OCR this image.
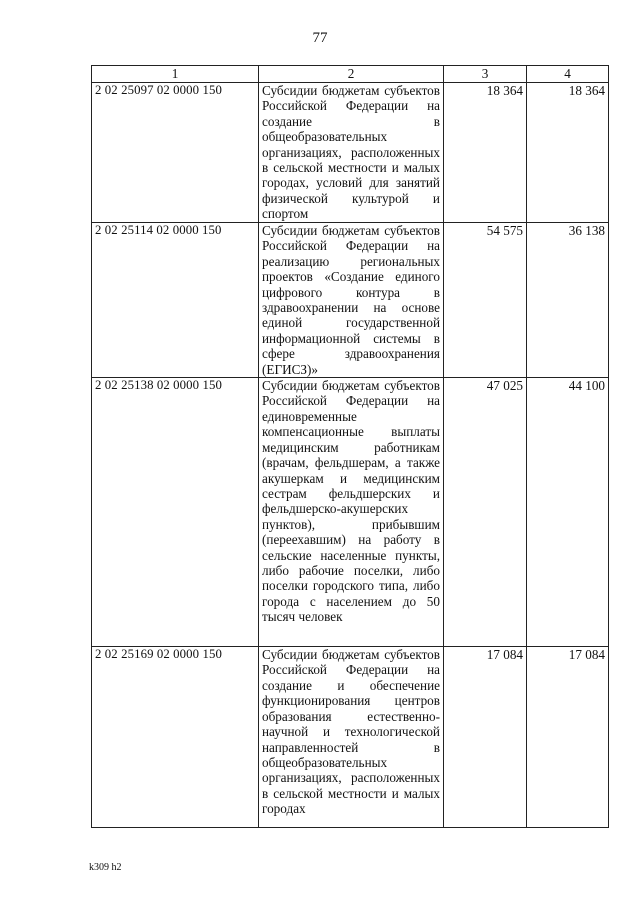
77
1	2	3	4
2 02 25097 02 0000 150	Субсидии бюджетам субъектов Российской Федерации на создание в общеобразовательных организациях, расположенных в сельской местности и малых городах, условий для занятий физической культурой и спортом	18 364	18 364
2 02 25114 02 0000 150	Субсидии бюджетам субъектов Российской Федерации на реализацию региональных проектов «Создание единого цифрового контура в здравоохранении на основе единой государственной информационной системы в сфере здравоохранения (ЕГИСЗ)»	54 575	36 138
2 02 25138 02 0000 150	Субсидии бюджетам субъектов Российской Федерации на единовременные компенсационные выплаты медицинским работникам (врачам, фельдшерам, а также акушеркам и медицинским сестрам фельдшерских и фельдшерско-акушерских пунктов), прибывшим (переехавшим) на работу в сельские населенные пункты, либо рабочие поселки, либо поселки городского типа, либо города с населением до 50 тысяч человек	47 025	44 100
2 02 25169 02 0000 150	Субсидии бюджетам субъектов Российской Федерации на создание и обеспечение функционирования центров образования естественно-научной и технологической направленностей в общеобразовательных организациях, расположенных в сельской местности и малых городах	17 084	17 084
k309 h2
